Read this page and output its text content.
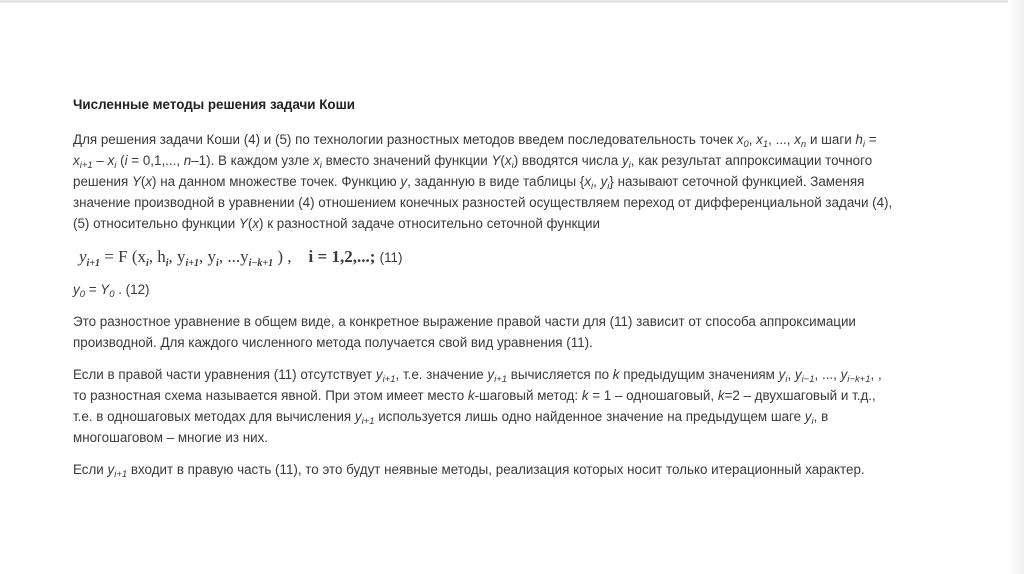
Численные методы решения задачи Коши

Для решения задачи Коши (4) и (5) по технологии разностных методов введем последовательность точек $x_0$, $x_1$, ..., $x_n$ и шаги $h_i = x_{i+1} - x_i$ (i = 0,1,..., n–1). В каждом узле $x_i$ вместо значений функции $Y(x_i)$ вводятся числа $y_i$, как результат аппроксимации точного решения Y(x) на данном множестве точек. Функцию y, заданную в виде таблицы {$x_i$, $y_i$} называют сеточной функцией. Заменяя значение производной в уравнении (4) отношением конечных разностей осуществляем переход от дифференциальной задачи (4), (5) относительно функции Y(x) к разностной задаче относительно сеточной функции

$y_{i+1} = F$ ($x_i$, $h_i$, $y_{i+1}$, $y_i$, $...y_{i-k+1}$ ) , i = 1,2,...; (11)

$y_0 = Y_0$ . (12)

Это разностное уравнение в общем виде, а конкретное выражение правой части для (11) зависит от способа аппроксимации производной. Для каждого численного метода получается свой вид уравнения (11).

Если в правой части уравнения (11) отсутствует $y_{i+1}$, т.е. значение $y_{i+1}$ вычисляется по k предыдущим значениям $y_i$, $y_{i-1}$, ..., $y_{i-k+1}$, , то разностная схема называется явной. При этом имеет место k-шаговый метод: k = 1 – одношаговый, k=2 – двухшаговый и т.д., т.е. в одношаговых методах для вычисления $y_{i+1}$ используется лишь одно найденное значение на предыдущем шаге $y_i$, в многошаговом – многие из них.

Если $y_{i+1}$ входит в правую часть (11), то это будут неявные методы, реализация которых носит только итерационный характер.
